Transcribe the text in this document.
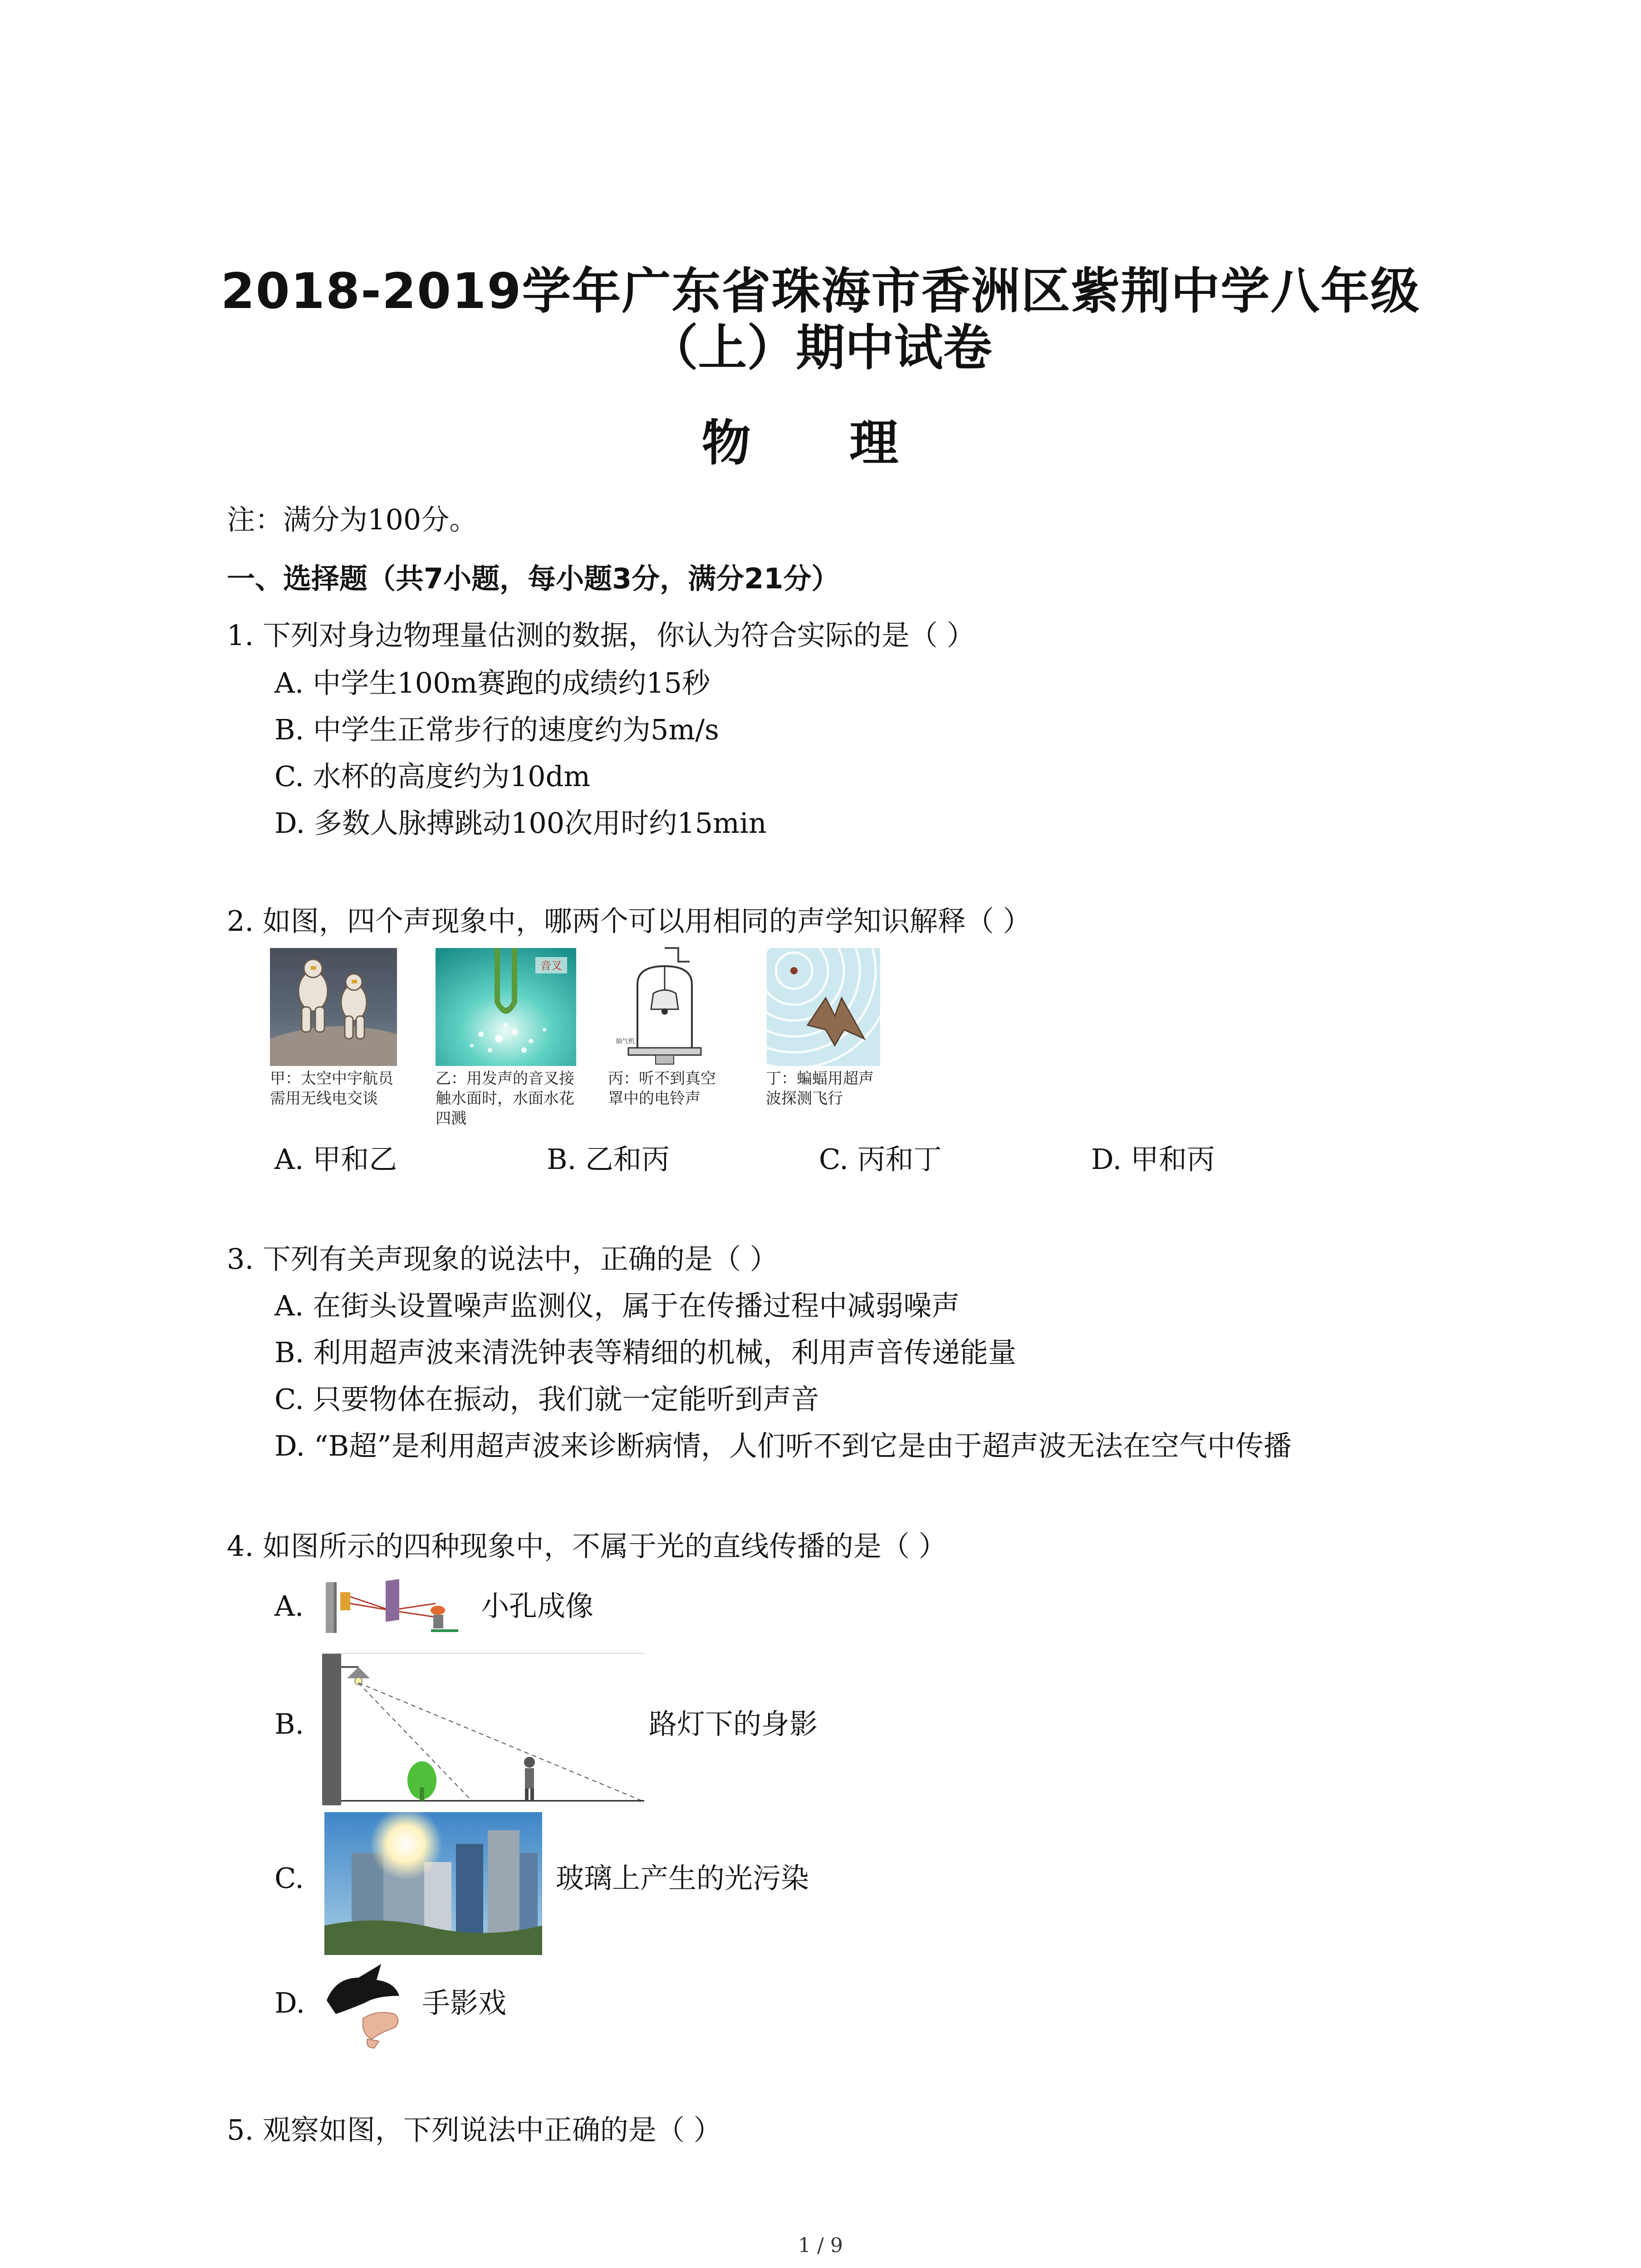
2018-2019学年广东省珠海市香洲区紫荆中学八年级
（上）期中试卷
物 理
注：满分为100分。
一、选择题（共7小题，每小题3分，满分21分）
1. 下列对身边物理量估测的数据，你认为符合实际的是（ ）
A. 中学生100m赛跑的成绩约15秒
B. 中学生正常步行的速度约为5m/s
C. 水杯的高度约为10dm
D. 多数人脉搏跳动100次用时约15min
2. 如图，四个声现象中，哪两个可以用相同的声学知识解释（ ）
甲：太空中宇航员
需用无线电交谈
音叉
乙：用发声的音叉接
触水面时，水面水花
四溅
抽气机
丙：听不到真空
罩中的电铃声
丁：蝙蝠用超声
波探测飞行
A. 甲和乙	B. 乙和丙	C. 丙和丁	D. 甲和丙
3. 下列有关声现象的说法中，正确的是（ ）
A. 在街头设置噪声监测仪，属于在传播过程中减弱噪声
B. 利用超声波来清洗钟表等精细的机械，利用声音传递能量
C. 只要物体在振动，我们就一定能听到声音
D. “B超”是利用超声波来诊断病情，人们听不到它是由于超声波无法在空气中传播
4. 如图所示的四种现象中，不属于光的直线传播的是（ ）
A.	小孔成像
B.	路灯下的身影
C.	玻璃上产生的光污染
D.	手影戏
5. 观察如图，下列说法中正确的是（ ）
1 / 9
